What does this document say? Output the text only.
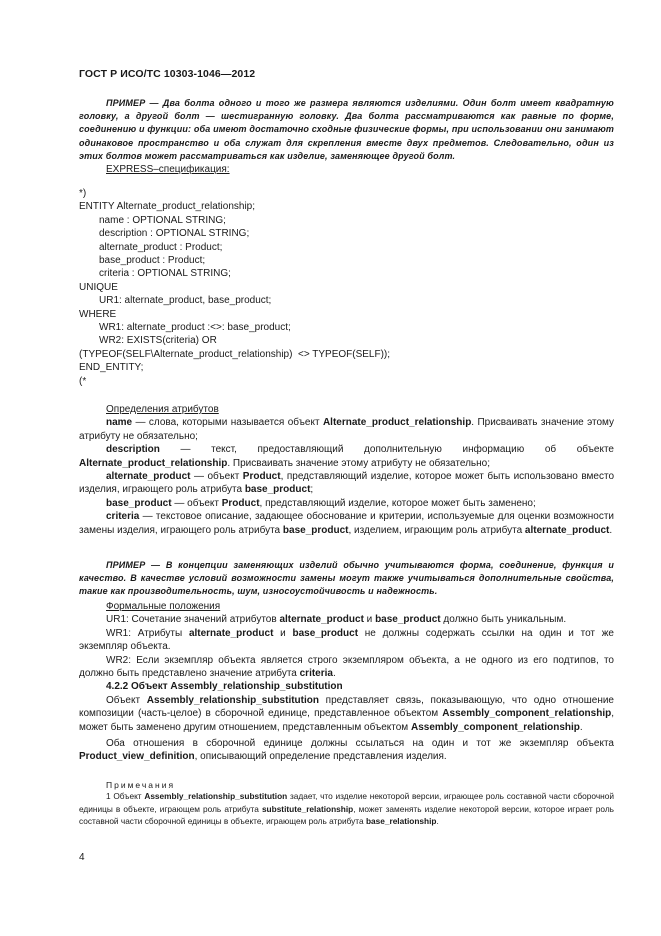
ГОСТ Р ИСО/ТС 10303-1046—2012

ПРИМЕР — Два болта одного и того же размера являются изделиями. Один болт имеет квадратную головку, а другой болт — шестигранную головку. Два болта рассматриваются как равные по форме, соединению и функции: оба имеют достаточно сходные физические формы, при использовании они занимают одинаковое пространство и оба служат для скрепления вместе двух предметов. Следовательно, один из этих болтов может рассматриваться как изделие, заменяющее другой болт.

EXPRESS–спецификация:

*)

ENTITY Alternate_product_relationship;

name : OPTIONAL STRING;

description : OPTIONAL STRING;

alternate_product : Product;

base_product : Product;

criteria : OPTIONAL STRING;

UNIQUE

UR1: alternate_product, base_product;

WHERE

WR1: alternate_product :<>: base_product;

WR2: EXISTS(criteria) OR

(TYPEOF(SELF\Alternate_product_relationship)  <> TYPEOF(SELF));

END_ENTITY;

(*

Определения атрибутов

name — слова, которыми называется объект Alternate_product_relationship. Присваивать значение этому атрибуту не обязательно;

description — текст, предоставляющий дополнительную информацию об объекте Alternate_product_relationship. Присваивать значение этому атрибуту не обязательно;

alternate_product — объект Product, представляющий изделие, которое может быть использовано вместо изделия, играющего роль атрибута base_product;

base_product — объект Product, представляющий изделие, которое может быть заменено;

criteria — текстовое описание, задающее обоснование и критерии, используемые для оценки возможности замены изделия, играющего роль атрибута base_product, изделием, играющим роль атрибута alternate_product.

ПРИМЕР — В концепции заменяющих изделий обычно учитываются форма, соединение, функция и качество. В качестве условий возможности замены могут также учитываться дополнительные свойства, такие как производительность, шум, износоустойчивость и надежность.

Формальные положения

UR1: Сочетание значений атрибутов alternate_product и base_product должно быть уникальным.

WR1: Атрибуты alternate_product и base_product не должны содержать ссылки на один и тот же экземпляр объекта.

WR2: Если экземпляр объекта является строго экземпляром объекта, а не одного из его подтипов, то должно быть представлено значение атрибута criteria.

4.2.2 Объект Assembly_relationship_substitution

Объект Assembly_relationship_substitution представляет связь, показывающую, что одно отношение композиции (часть-целое) в сборочной единице, представленное объектом Assembly_component_relationship, может быть заменено другим отношением, представленным объектом Assembly_component_relationship.

Оба отношения в сборочной единице должны ссылаться на один и тот же экземпляр объекта Product_view_definition, описывающий определение представления изделия.

Примечания

1 Объект Assembly_relationship_substitution задает, что изделие некоторой версии, играющее роль составной части сборочной единицы в объекте, играющем роль атрибута substitute_relationship, может заменять изделие некоторой версии, которое играет роль составной части сборочной единицы в объекте, играющем роль атрибута base_relationship.

4
